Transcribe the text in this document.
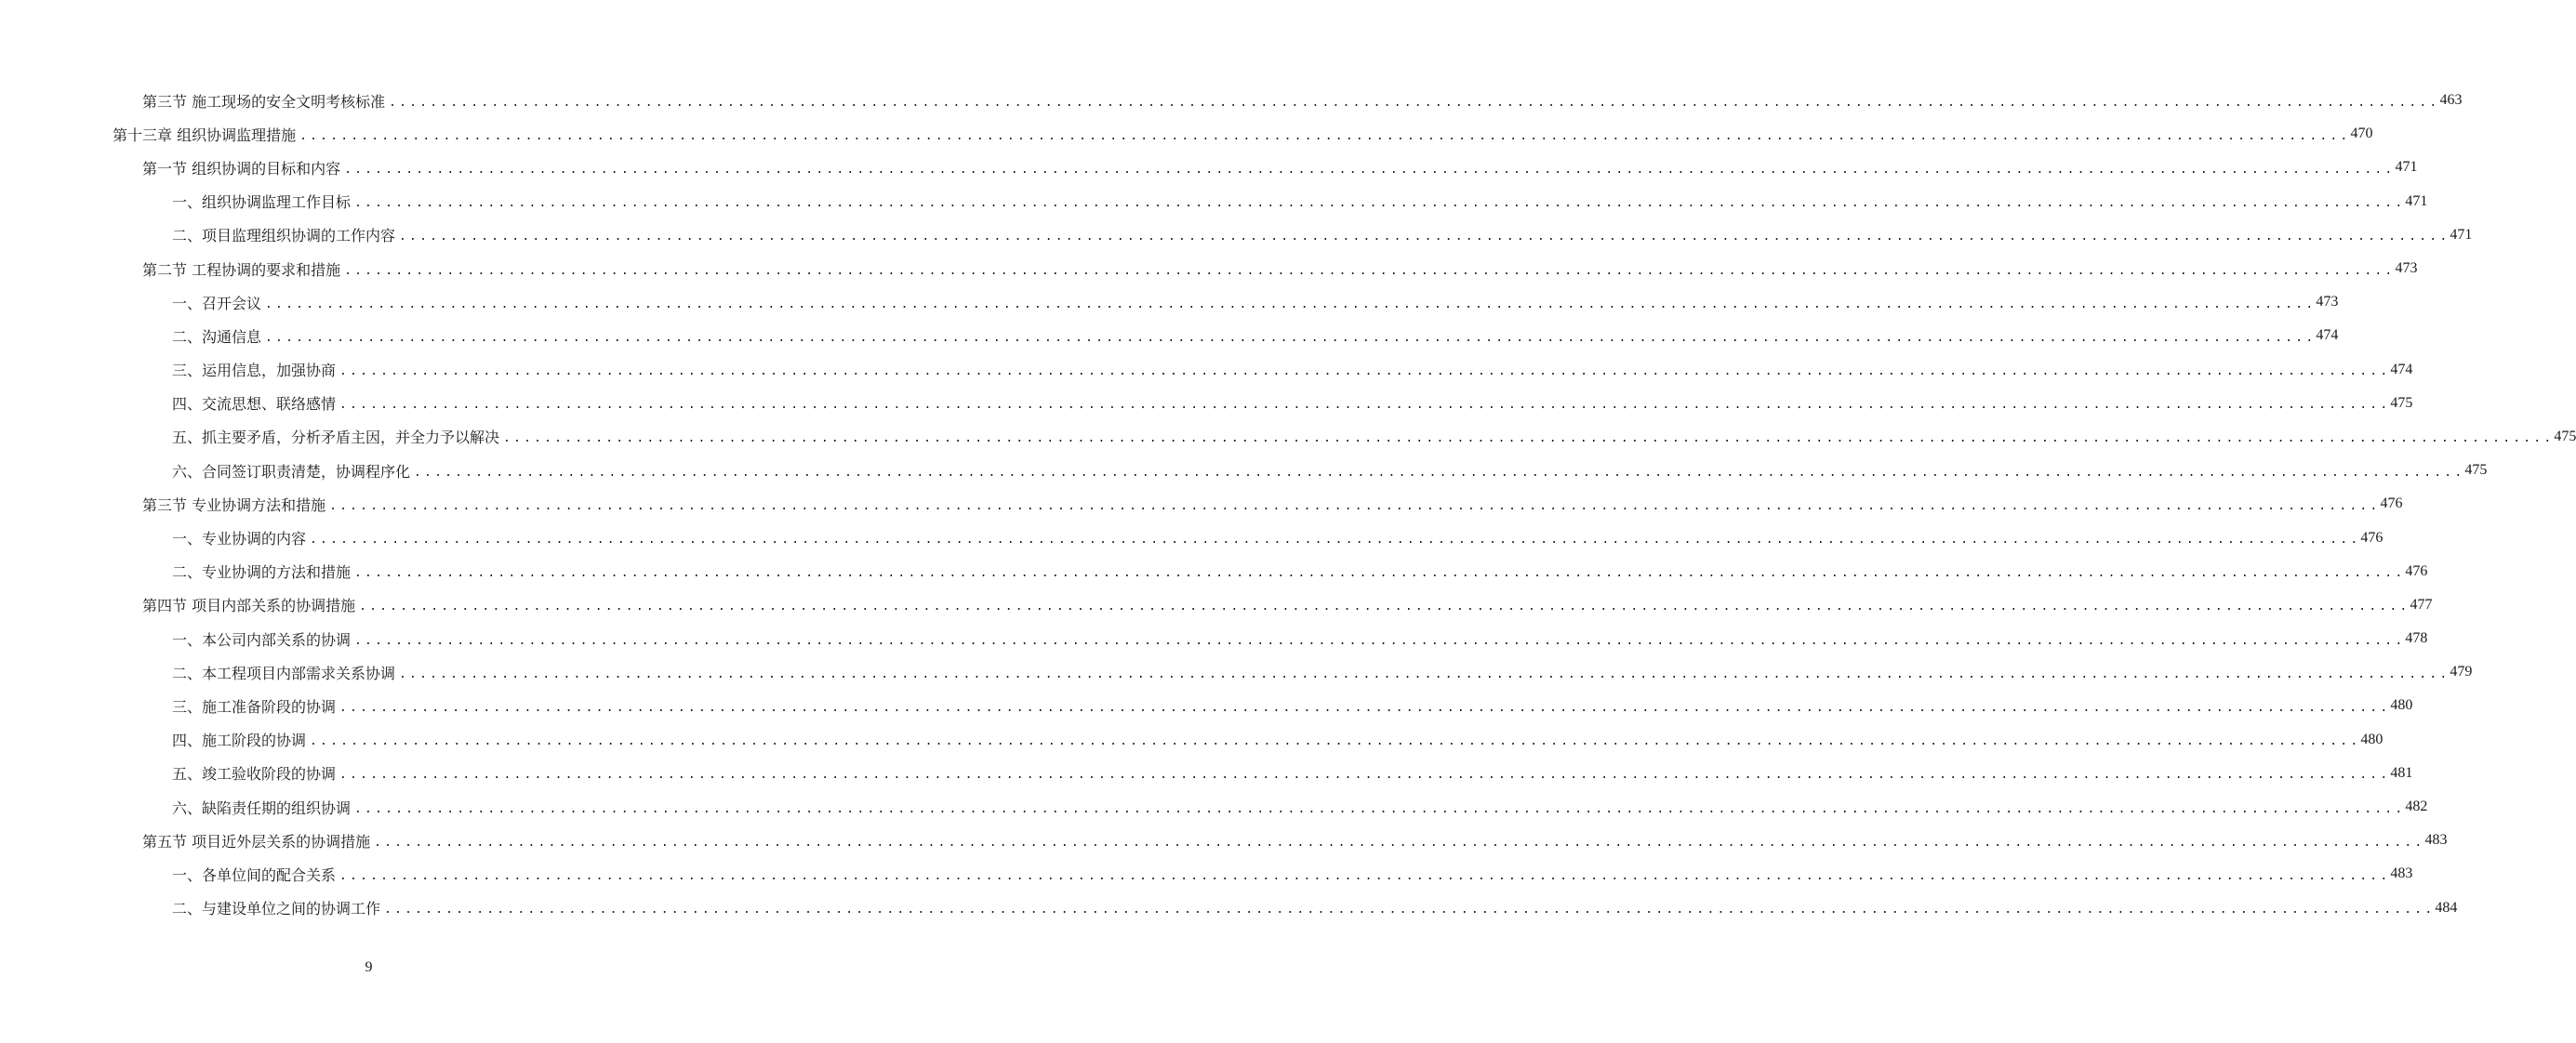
第三节 施工现场的安全文明考核标准 ........................................................................................................................................................................................................ 463
第十三章 组织协调监理措施 ........................................................................................................................................................................................................ 470
第一节 组织协调的目标和内容 ........................................................................................................................................................................................................ 471
一、组织协调监理工作目标 ........................................................................................................................................................................................................ 471
二、项目监理组织协调的工作内容 ........................................................................................................................................................................................................ 471
第二节 工程协调的要求和措施 ........................................................................................................................................................................................................ 473
一、召开会议 ........................................................................................................................................................................................................ 473
二、沟通信息 ........................................................................................................................................................................................................ 474
三、运用信息，加强协商 ........................................................................................................................................................................................................ 474
四、交流思想、联络感情 ........................................................................................................................................................................................................ 475
五、抓主要矛盾，分析矛盾主因，并全力予以解决 ........................................................................................................................................................................................................ 475
六、合同签订职责清楚，协调程序化 ........................................................................................................................................................................................................ 475
第三节 专业协调方法和措施 ........................................................................................................................................................................................................ 476
一、专业协调的内容 ........................................................................................................................................................................................................ 476
二、专业协调的方法和措施 ........................................................................................................................................................................................................ 476
第四节 项目内部关系的协调措施 ........................................................................................................................................................................................................ 477
一、本公司内部关系的协调 ........................................................................................................................................................................................................ 478
二、本工程项目内部需求关系协调 ........................................................................................................................................................................................................ 479
三、施工准备阶段的协调 ........................................................................................................................................................................................................ 480
四、施工阶段的协调 ........................................................................................................................................................................................................ 480
五、竣工验收阶段的协调 ........................................................................................................................................................................................................ 481
六、缺陷责任期的组织协调 ........................................................................................................................................................................................................ 482
第五节 项目近外层关系的协调措施 ........................................................................................................................................................................................................ 483
一、各单位间的配合关系 ........................................................................................................................................................................................................ 483
二、与建设单位之间的协调工作 ........................................................................................................................................................................................................ 484
9
